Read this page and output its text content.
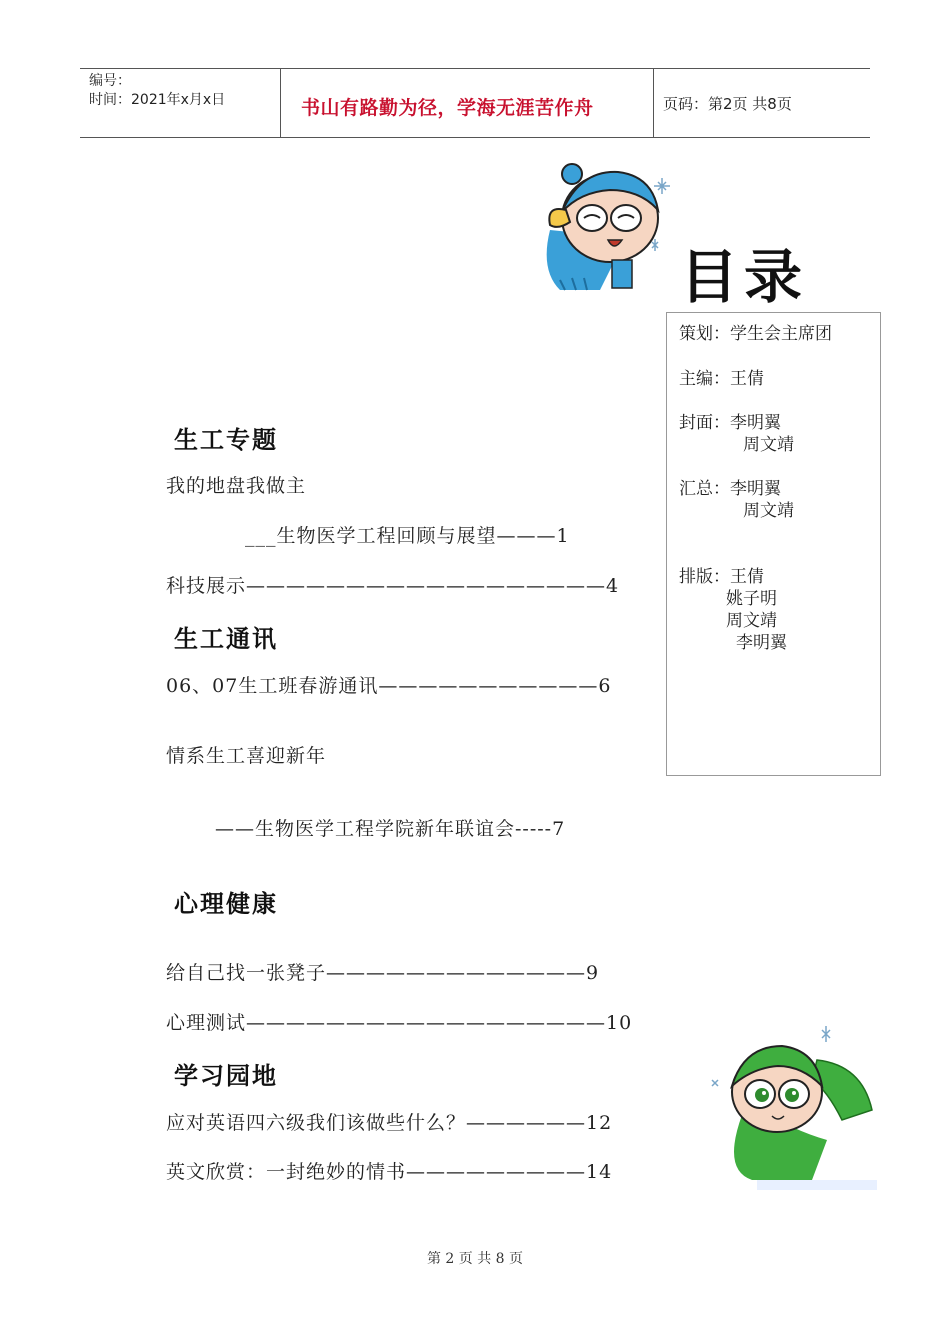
编号：
时间：2021年x月x日	书山有路勤为径，学海无涯苦作舟	页码：第2页 共8页
目录
策划：学生会主席团
主编：王倩
封面：李明翼
周文靖
汇总：李明翼
周文靖
排版：王倩
姚子明
周文靖
李明翼
生工专题
我的地盘我做主
___生物医学工程回顾与展望———1
科技展示——————————————————4
生工通讯
06、07生工班春游通讯———————————6
情系生工喜迎新年
——生物医学工程学院新年联谊会-----7
心理健康
给自己找一张凳子—————————————9
心理测试——————————————————10
学习园地
应对英语四六级我们该做些什么？——————12
英文欣赏：一封绝妙的情书—————————14
第 2 页 共 8 页
